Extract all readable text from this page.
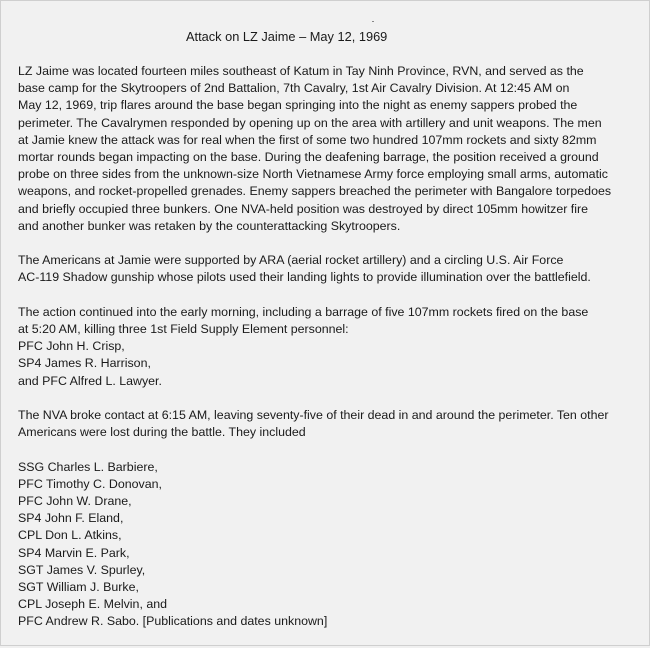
Attack on LZ Jaime – May 12, 1969

LZ Jaime was located fourteen miles southeast of Katum in Tay Ninh Province, RVN, and served as the
base camp for the Skytroopers of 2nd Battalion, 7th Cavalry, 1st Air Cavalry Division. At 12:45 AM on
May 12, 1969, trip flares around the base began springing into the night as enemy sappers probed the
perimeter. The Cavalrymen responded by opening up on the area with artillery and unit weapons. The men
at Jamie knew the attack was for real when the first of some two hundred 107mm rockets and sixty 82mm
mortar rounds began impacting on the base. During the deafening barrage, the position received a ground
probe on three sides from the unknown-size North Vietnamese Army force employing small arms, automatic
weapons, and rocket-propelled grenades. Enemy sappers breached the perimeter with Bangalore torpedoes
and briefly occupied three bunkers. One NVA-held position was destroyed by direct 105mm howitzer fire
and another bunker was retaken by the counterattacking Skytroopers.

The Americans at Jamie were supported by ARA (aerial rocket artillery) and a circling U.S. Air Force
AC-119 Shadow gunship whose pilots used their landing lights to provide illumination over the battlefield.

The action continued into the early morning, including a barrage of five 107mm rockets fired on the base
at 5:20 AM, killing three 1st Field Supply Element personnel:
PFC John H. Crisp,
SP4 James R. Harrison,
and PFC Alfred L. Lawyer.

The NVA broke contact at 6:15 AM, leaving seventy-five of their dead in and around the perimeter. Ten other
Americans were lost during the battle. They included

SSG Charles L. Barbiere,
PFC Timothy C. Donovan,
PFC John W. Drane,
SP4 John F. Eland,
CPL Don L. Atkins,
SP4 Marvin E. Park,
SGT James V. Spurley,
SGT William J. Burke,
CPL Joseph E. Melvin, and
PFC Andrew R. Sabo. [Publications and dates unknown]
